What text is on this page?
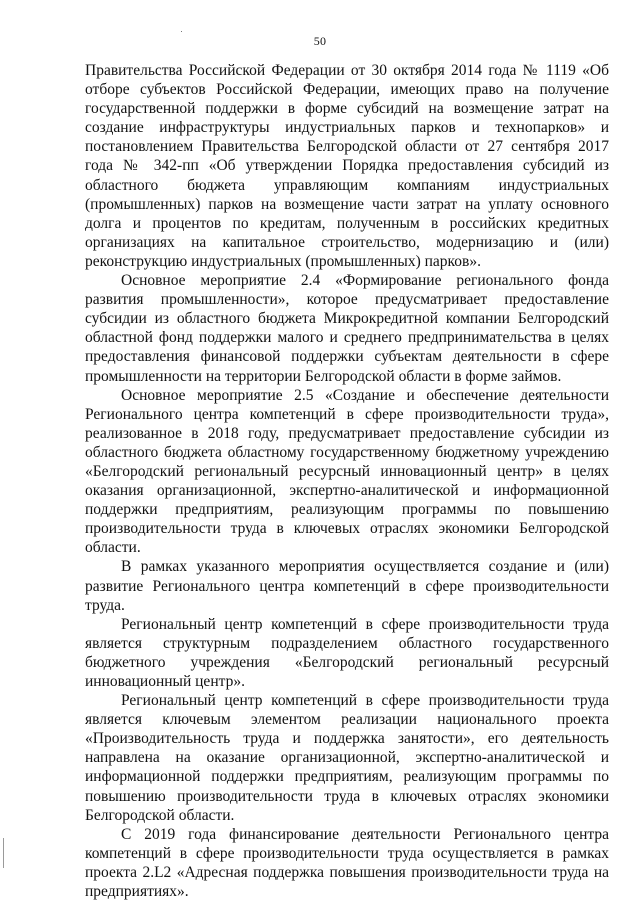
50

Правительства Российской Федерации от 30 октября 2014 года № 1119 «Об отборе субъектов Российской Федерации, имеющих право на получение государственной поддержки в форме субсидий на возмещение затрат на создание инфраструктуры индустриальных парков и технопарков» и постановлением Правительства Белгородской области от 27 сентября 2017 года № 342-пп «Об утверждении Порядка предоставления субсидий из областного бюджета управляющим компаниям индустриальных (промышленных) парков на возмещение части затрат на уплату основного долга и процентов по кредитам, полученным в российских кредитных организациях на капитальное строительство, модернизацию и (или) реконструкцию индустриальных (промышленных) парков».

Основное мероприятие 2.4 «Формирование регионального фонда развития промышленности», которое предусматривает предоставление субсидии из областного бюджета Микрокредитной компании Белгородский областной фонд поддержки малого и среднего предпринимательства в целях предоставления финансовой поддержки субъектам деятельности в сфере промышленности на территории Белгородской области в форме займов.

Основное мероприятие 2.5 «Создание и обеспечение деятельности Регионального центра компетенций в сфере производительности труда», реализованное в 2018 году, предусматривает предоставление субсидии из областного бюджета областному государственному бюджетному учреждению «Белгородский региональный ресурсный инновационный центр» в целях оказания организационной, экспертно-аналитической и информационной поддержки предприятиям, реализующим программы по повышению производительности труда в ключевых отраслях экономики Белгородской области.

В рамках указанного мероприятия осуществляется создание и (или) развитие Регионального центра компетенций в сфере производительности труда.

Региональный центр компетенций в сфере производительности труда является структурным подразделением областного государственного бюджетного учреждения «Белгородский региональный ресурсный инновационный центр».

Региональный центр компетенций в сфере производительности труда является ключевым элементом реализации национального проекта «Производительность труда и поддержка занятости», его деятельность направлена на оказание организационной, экспертно-аналитической и информационной поддержки предприятиям, реализующим программы по повышению производительности труда в ключевых отраслях экономики Белгородской области.

С 2019 года финансирование деятельности Регионального центра компетенций в сфере производительности труда осуществляется в рамках проекта 2.L2 «Адресная поддержка повышения производительности труда на предприятиях».
